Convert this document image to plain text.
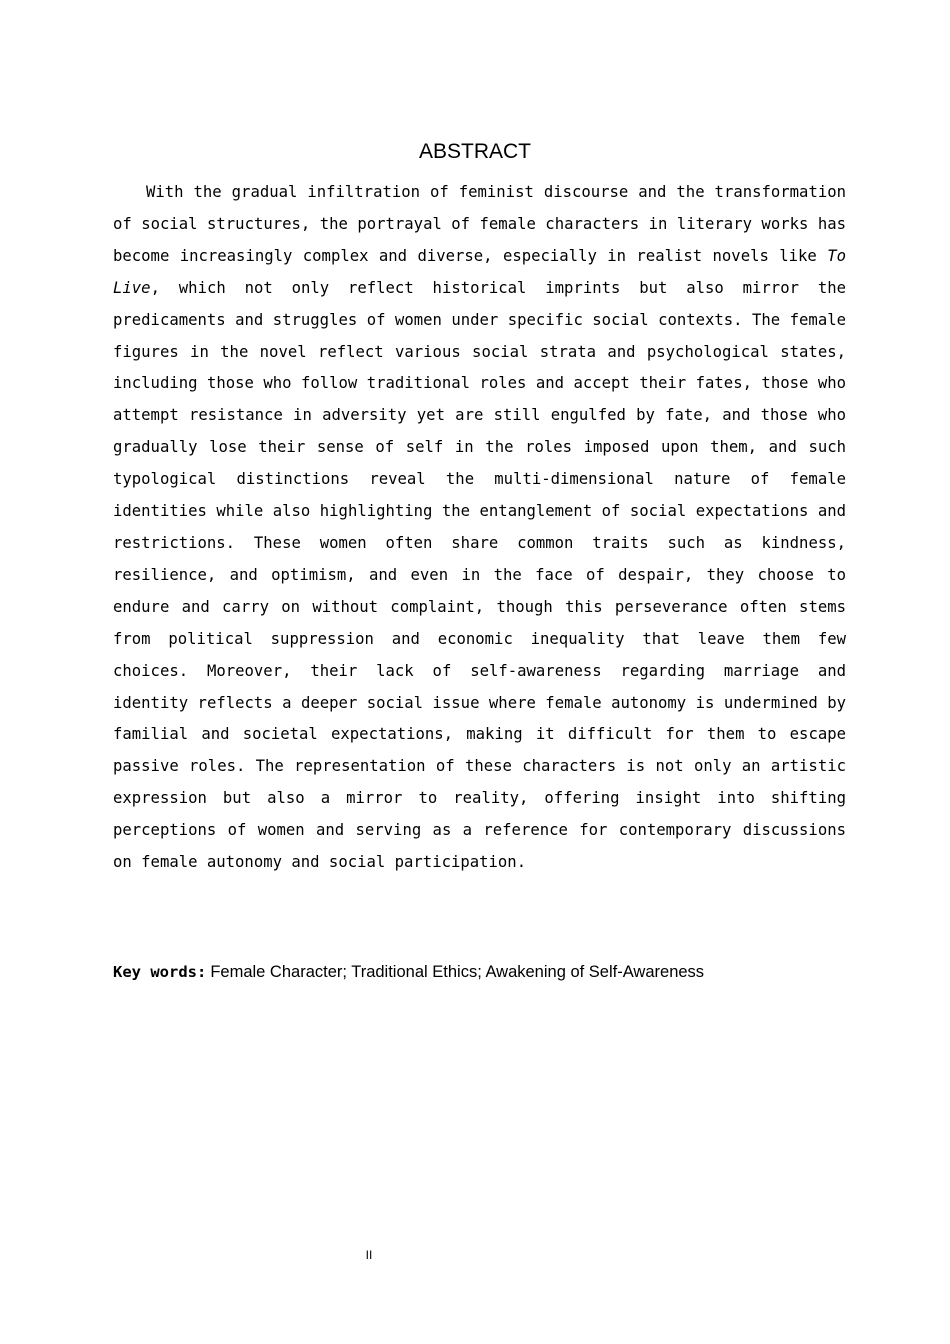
ABSTRACT

With the gradual infiltration of feminist discourse and the transformation of social structures, the portrayal of female characters in literary works has become increasingly complex and diverse, especially in realist novels like To Live, which not only reflect historical imprints but also mirror the predicaments and struggles of women under specific social contexts. The female figures in the novel reflect various social strata and psychological states, including those who follow traditional roles and accept their fates, those who attempt resistance in adversity yet are still engulfed by fate, and those who gradually lose their sense of self in the roles imposed upon them, and such typological distinctions reveal the multi-dimensional nature of female identities while also highlighting the entanglement of social expectations and restrictions. These women often share common traits such as kindness, resilience, and optimism, and even in the face of despair, they choose to endure and carry on without complaint, though this perseverance often stems from political suppression and economic inequality that leave them few choices. Moreover, their lack of self-awareness regarding marriage and identity reflects a deeper social issue where female autonomy is undermined by familial and societal expectations, making it difficult for them to escape passive roles. The representation of these characters is not only an artistic expression but also a mirror to reality, offering insight into shifting perceptions of women and serving as a reference for contemporary discussions on female autonomy and social participation.

Key words: Female Character; Traditional Ethics; Awakening of Self-Awareness
II
